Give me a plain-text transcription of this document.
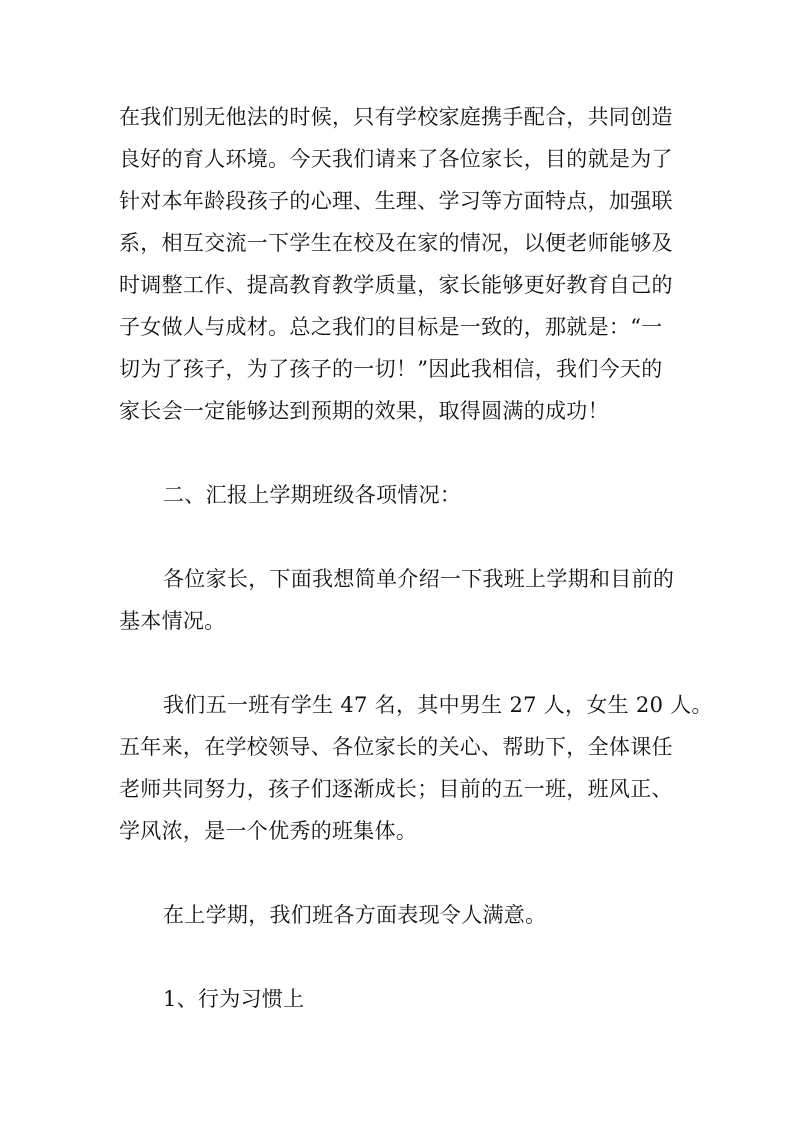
在我们别无他法的时候，只有学校家庭携手配合，共同创造
良好的育人环境。今天我们请来了各位家长，目的就是为了
针对本年龄段孩子的心理、生理、学习等方面特点，加强联
系，相互交流一下学生在校及在家的情况，以便老师能够及
时调整工作、提高教育教学质量，家长能够更好教育自己的
子女做人与成材。总之我们的目标是一致的，那就是：“一
切为了孩子，为了孩子的一切！”因此我相信，我们今天的
家长会一定能够达到预期的效果，取得圆满的成功！
二、汇报上学期班级各项情况：
各位家长，下面我想简单介绍一下我班上学期和目前的
基本情况。
我们五一班有学生 47 名，其中男生 27 人，女生 20 人。
五年来，在学校领导、各位家长的关心、帮助下，全体课任
老师共同努力，孩子们逐渐成长；目前的五一班，班风正、
学风浓，是一个优秀的班集体。
在上学期，我们班各方面表现令人满意。
1、行为习惯上
